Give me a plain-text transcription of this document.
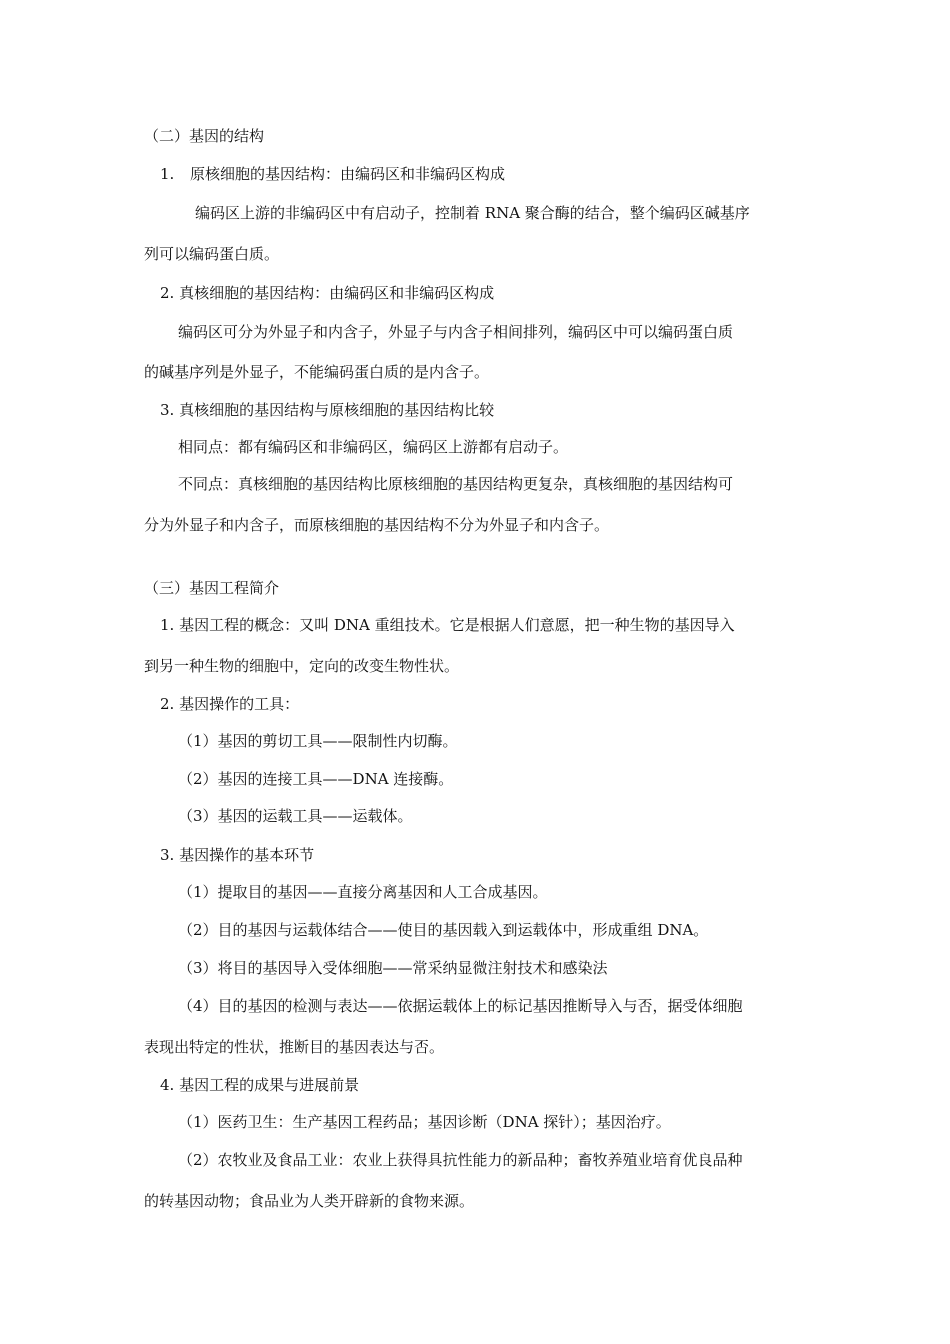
（二）基因的结构
1. 原核细胞的基因结构：由编码区和非编码区构成
编码区上游的非编码区中有启动子，控制着 RNA 聚合酶的结合，整个编码区碱基序
列可以编码蛋白质。
2. 真核细胞的基因结构：由编码区和非编码区构成
编码区可分为外显子和内含子，外显子与内含子相间排列，编码区中可以编码蛋白质
的碱基序列是外显子，不能编码蛋白质的是内含子。
3. 真核细胞的基因结构与原核细胞的基因结构比较
相同点：都有编码区和非编码区，编码区上游都有启动子。
不同点：真核细胞的基因结构比原核细胞的基因结构更复杂，真核细胞的基因结构可
分为外显子和内含子，而原核细胞的基因结构不分为外显子和内含子。
（三）基因工程简介
1. 基因工程的概念：又叫 DNA 重组技术。它是根据人们意愿，把一种生物的基因导入
到另一种生物的细胞中，定向的改变生物性状。
2. 基因操作的工具：
（1）基因的剪切工具——限制性内切酶。
（2）基因的连接工具——DNA 连接酶。
（3）基因的运载工具——运载体。
3. 基因操作的基本环节
（1）提取目的基因——直接分离基因和人工合成基因。
（2）目的基因与运载体结合——使目的基因载入到运载体中，形成重组 DNA。
（3）将目的基因导入受体细胞——常采纳显微注射技术和感染法
（4）目的基因的检测与表达——依据运载体上的标记基因推断导入与否，据受体细胞
表现出特定的性状，推断目的基因表达与否。
4. 基因工程的成果与进展前景
（1）医药卫生：生产基因工程药品；基因诊断（DNA 探针）；基因治疗。
（2）农牧业及食品工业：农业上获得具抗性能力的新品种；畜牧养殖业培育优良品种
的转基因动物；食品业为人类开辟新的食物来源。
